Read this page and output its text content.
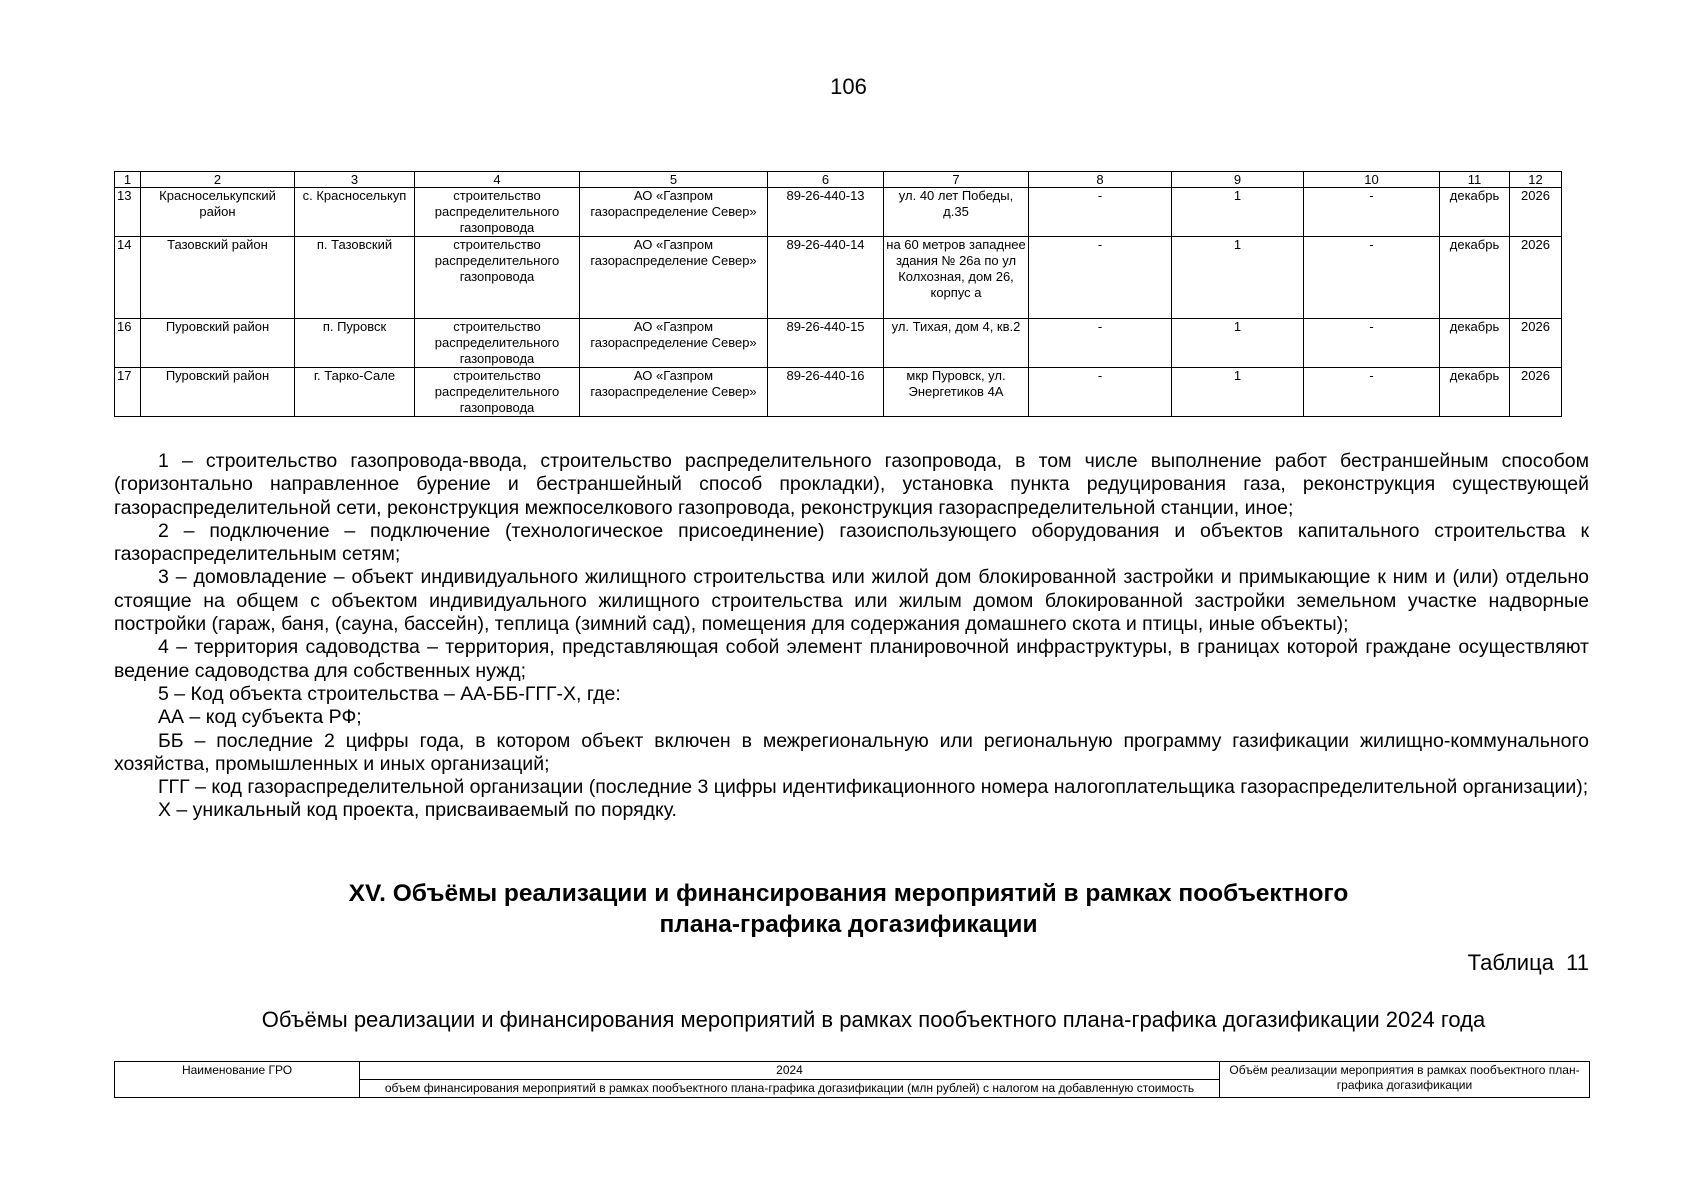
106
1	2	3	4	5	6	7	8	9	10	11	12
13	Красноселькупский район	с. Красноселькуп	строительство распределительного газопровода	АО «Газпром газораспределение Север»	89-26-440-13	ул. 40 лет Победы, д.35	-	1	-	декабрь	2026
14	Тазовский район	п. Тазовский	строительство распределительного газопровода	АО «Газпром газораспределение Север»	89-26-440-14	на 60 метров западнее здания № 26а по ул Колхозная, дом 26, корпус а	-	1	-	декабрь	2026
16	Пуровский район	п. Пуровск	строительство распределительного газопровода	АО «Газпром газораспределение Север»	89-26-440-15	ул. Тихая, дом 4, кв.2	-	1	-	декабрь	2026
17	Пуровский район	г. Тарко-Сале	строительство распределительного газопровода	АО «Газпром газораспределение Север»	89-26-440-16	мкр Пуровск, ул. Энергетиков 4А	-	1	-	декабрь	2026

1 – строительство газопровода-ввода, строительство распределительного газопровода, в том числе выполнение работ бестраншейным способом (горизонтально направленное бурение и бестраншейный способ прокладки), установка пункта редуцирования газа, реконструкция существующей газораспределительной сети, реконструкция межпоселкового газопровода, реконструкция газораспределительной станции, иное;

2 – подключение – подключение (технологическое присоединение) газоиспользующего оборудования и объектов капитального строительства к газораспределительным сетям;

3 – домовладение – объект индивидуального жилищного строительства или жилой дом блокированной застройки и примыкающие к ним и (или) отдельно стоящие на общем с объектом индивидуального жилищного строительства или жилым домом блокированной застройки земельном участке надворные постройки (гараж, баня, (сауна, бассейн), теплица (зимний сад), помещения для содержания домашнего скота и птицы, иные объекты);

4 – территория садоводства – территория, представляющая собой элемент планировочной инфраструктуры, в границах которой граждане осуществляют ведение садоводства для собственных нужд;

5 – Код объекта строительства – АА-ББ-ГГГ-Х, где:

АА – код субъекта РФ;

ББ – последние 2 цифры года, в котором объект включен в межрегиональную или региональную программу газификации жилищно-коммунального хозяйства, промышленных и иных организаций;

ГГГ – код газораспределительной организации (последние 3 цифры идентификационного номера налогоплательщика газораспределительной организации);

Х – уникальный код проекта, присваиваемый по порядку.

XV. Объёмы реализации и финансирования мероприятий в рамках пообъектного
плана-графика догазификации
Таблица  11
Объёмы реализации и финансирования мероприятий в рамках пообъектного плана-графика догазификации 2024 года
Наименование ГРО	2024	Объём реализации мероприятия в рамках пообъектного план-графика догазификации
объем финансирования мероприятий в рамках пообъектного плана-графика догазификации (млн рублей) с налогом на добавленную стоимость
